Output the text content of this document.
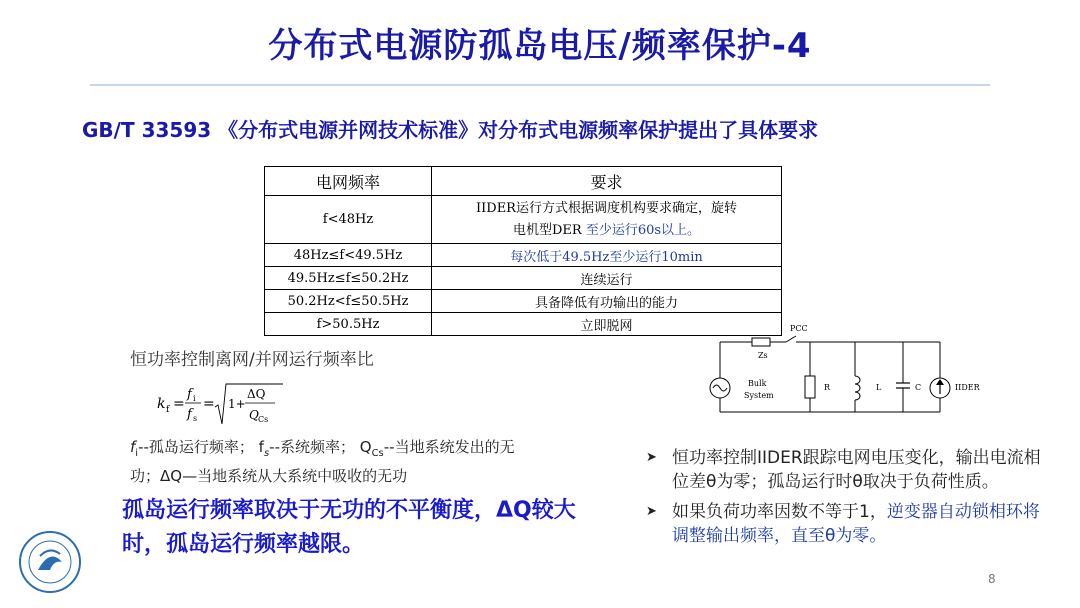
分布式电源防孤岛电压/频率保护-4
GB/T 33593 《分布式电源并网技术标准》对分布式电源频率保护提出了具体要求
电网频率	要求
f<48Hz	IIDER运行方式根据调度机构要求确定，旋转
电机型DER 至少运行60s以上。
48Hz≤f<49.5Hz	每次低于49.5Hz至少运行10min
49.5Hz≤f≤50.2Hz	连续运行
50.2Hz<f≤50.5Hz	具备降低有功输出的能力
f>50.5Hz	立即脱网
恒功率控制离网/并网运行频率比
k f =
f i
f s
= 1+
ΔQ
Q Cs
$f_i--$孤岛运行频率； $f_s--$系统频率； $Q_{Cs}--$当地系统发出的无
功；ΔQ—当地系统从大系统中吸收的无功
孤岛运行频率取决于无功的不平衡度，ΔQ较大时，孤岛运行频率越限。
PCC
Zs
Bulk
System
R	L	C	IIDER
➤ 恒功率控制IIDER跟踪电网电压变化，输出电流相位差θ为零；孤岛运行时θ取决于负荷性质。
➤ 如果负荷功率因数不等于1，逆变器自动锁相环将调整输出频率，直至θ为零。
8
